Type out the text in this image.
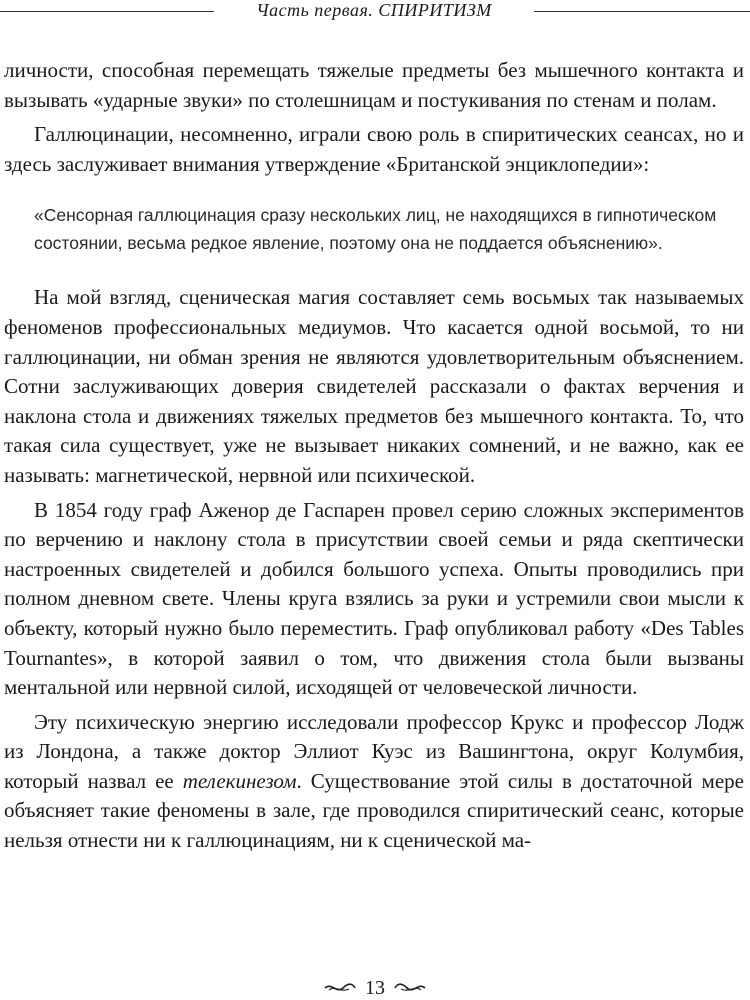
Часть первая. СПИРИТИЗМ

личности, способная перемещать тяжелые предметы без мышечного контакта и вызывать «ударные звуки» по столешницам и постукивания по стенам и полам.

Галлюцинации, несомненно, играли свою роль в спиритических сеансах, но и здесь заслуживает внимания утверждение «Британской энциклопедии»:

«Сенсорная галлюцинация сразу нескольких лиц, не находящихся в гипнотическом состоянии, весьма редкое явление, поэтому она не поддается объяснению».

На мой взгляд, сценическая магия составляет семь восьмых так называемых феноменов профессиональных медиумов. Что касается одной восьмой, то ни галлюцинации, ни обман зрения не являются удовлетворительным объяснением. Сотни заслуживающих доверия свидетелей рассказали о фактах верчения и наклона стола и движениях тяжелых предметов без мышечного контакта. То, что такая сила существует, уже не вызывает никаких сомнений, и не важно, как ее называть: магнетической, нервной или психической.

В 1854 году граф Аженор де Гаспарен провел серию сложных экспериментов по верчению и наклону стола в присутствии своей семьи и ряда скептически настроенных свидетелей и добился большого успеха. Опыты проводились при полном дневном свете. Члены круга взялись за руки и устремили свои мысли к объекту, который нужно было переместить. Граф опубликовал работу «Des Tables Tournantes», в которой заявил о том, что движения стола были вызваны ментальной или нервной силой, исходящей от человеческой личности.

Эту психическую энергию исследовали профессор Крукс и профессор Лодж из Лондона, а также доктор Эллиот Куэс из Вашингтона, округ Колумбия, который назвал ее телекинезом. Существование этой силы в достаточной мере объясняет такие феномены в зале, где проводился спиритический сеанс, которые нельзя отнести ни к галлюцинациям, ни к сценической ма-

13
